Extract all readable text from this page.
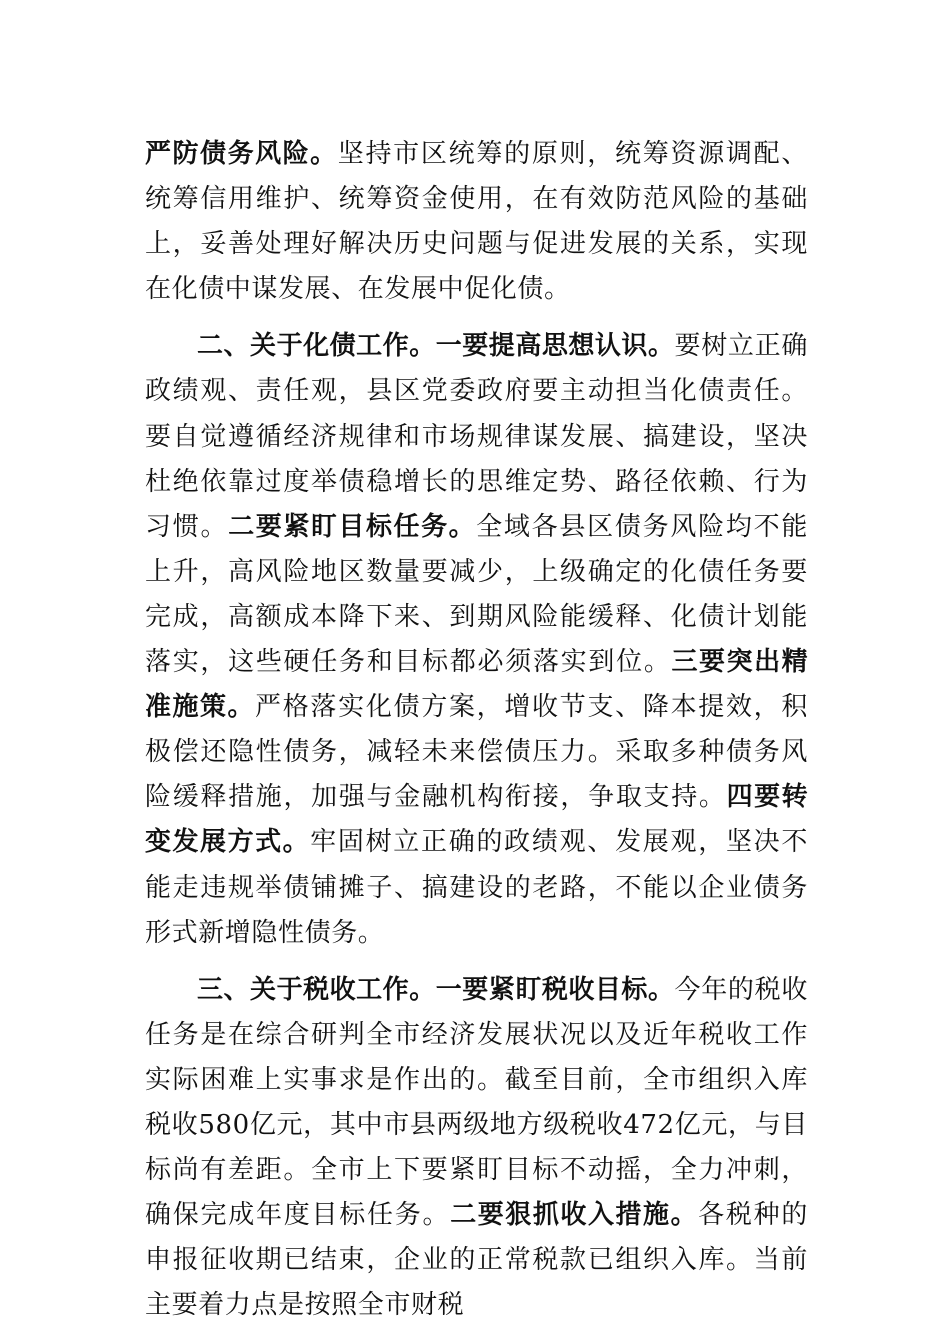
严防债务风险。坚持市区统筹的原则，统筹资源调配、统筹信用维护、统筹资金使用，在有效防范风险的基础上，妥善处理好解决历史问题与促进发展的关系，实现在化债中谋发展、在发展中促化债。

二、关于化债工作。一要提高思想认识。要树立正确政绩观、责任观，县区党委政府要主动担当化债责任。要自觉遵循经济规律和市场规律谋发展、搞建设，坚决杜绝依靠过度举债稳增长的思维定势、路径依赖、行为习惯。二要紧盯目标任务。全域各县区债务风险均不能上升，高风险地区数量要减少，上级确定的化债任务要完成，高额成本降下来、到期风险能缓释、化债计划能落实，这些硬任务和目标都必须落实到位。三要突出精准施策。严格落实化债方案，增收节支、降本提效，积极偿还隐性债务，减轻未来偿债压力。采取多种债务风险缓释措施，加强与金融机构衔接，争取支持。四要转变发展方式。牢固树立正确的政绩观、发展观，坚决不能走违规举债铺摊子、搞建设的老路，不能以企业债务形式新增隐性债务。

三、关于税收工作。一要紧盯税收目标。今年的税收任务是在综合研判全市经济发展状况以及近年税收工作实际困难上实事求是作出的。截至目前，全市组织入库税收580亿元，其中市县两级地方级税收472亿元，与目标尚有差距。全市上下要紧盯目标不动摇，全力冲刺，确保完成年度目标任务。二要狠抓收入措施。各税种的申报征收期已结束，企业的正常税款已组织入库。当前主要着力点是按照全市财税
